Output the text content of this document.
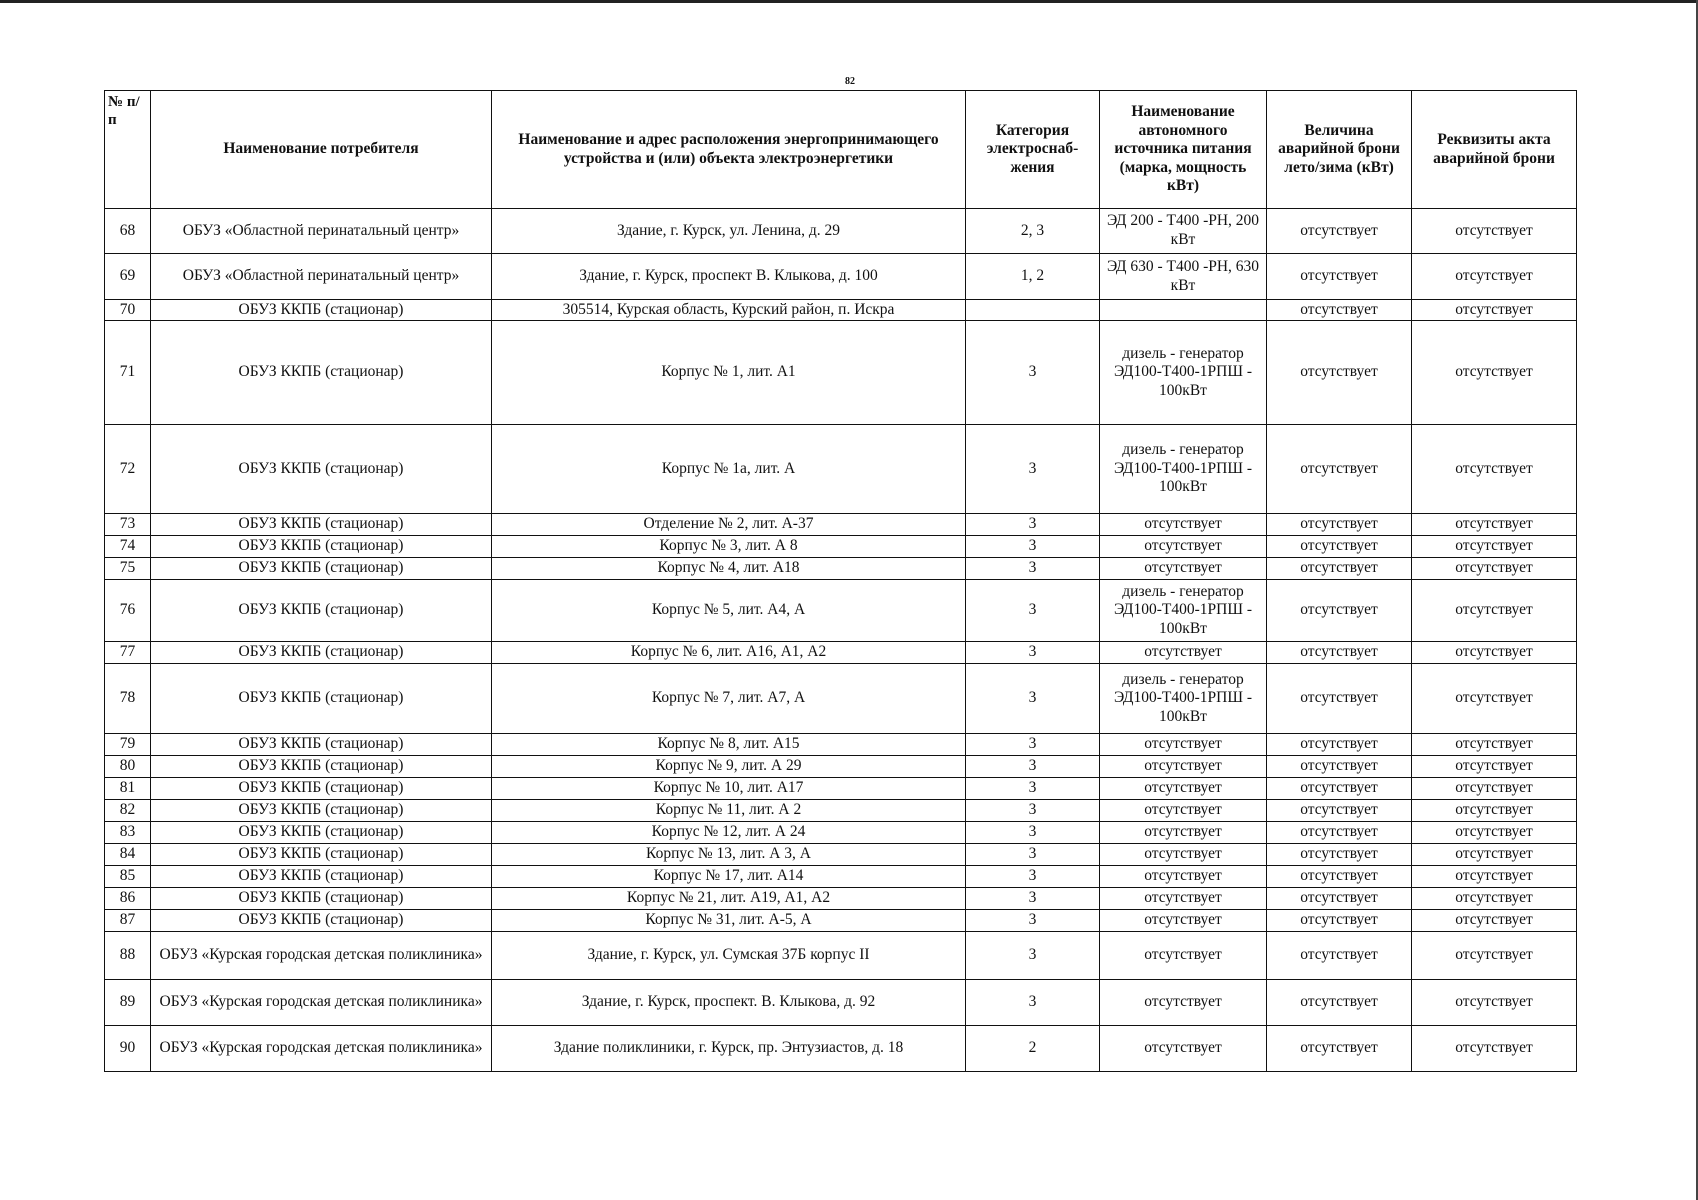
82
№ п/п	Наименование потребителя	Наименование и адрес расположения энергопринимающего устройства и (или) объекта электроэнергетики	Категория электроснаб-жения	Наименование автономного источника питания (марка, мощность кВт)	Величина аварийной брони лето/зима (кВт)	Реквизиты акта аварийной брони
68	ОБУЗ «Областной перинатальный центр»	Здание, г. Курск, ул. Ленина, д. 29	2, 3	ЭД 200 - Т400 -РН, 200 кВт	отсутствует	отсутствует
69	ОБУЗ «Областной перинатальный центр»	Здание, г. Курск, проспект В. Клыкова, д. 100	1, 2	ЭД 630 - Т400 -РН, 630 кВт	отсутствует	отсутствует
70	ОБУЗ ККПБ (стационар)	305514, Курская область, Курский район, п. Искра			отсутствует	отсутствует
71	ОБУЗ ККПБ (стационар)	Корпус № 1, лит. А1	3	дизель - генератор ЭД100-Т400-1РПШ - 100кВт	отсутствует	отсутствует
72	ОБУЗ ККПБ (стационар)	Корпус № 1а, лит. А	3	дизель - генератор ЭД100-Т400-1РПШ - 100кВт	отсутствует	отсутствует
73	ОБУЗ ККПБ (стационар)	Отделение № 2, лит. А-37	3	отсутствует	отсутствует	отсутствует
74	ОБУЗ ККПБ (стационар)	Корпус № 3, лит. А 8	3	отсутствует	отсутствует	отсутствует
75	ОБУЗ ККПБ (стационар)	Корпус № 4, лит. А18	3	отсутствует	отсутствует	отсутствует
76	ОБУЗ ККПБ (стационар)	Корпус № 5, лит. А4, А	3	дизель - генератор ЭД100-Т400-1РПШ - 100кВт	отсутствует	отсутствует
77	ОБУЗ ККПБ (стационар)	Корпус № 6, лит. А16, А1, А2	3	отсутствует	отсутствует	отсутствует
78	ОБУЗ ККПБ (стационар)	Корпус № 7, лит. А7, А	3	дизель - генератор ЭД100-Т400-1РПШ - 100кВт	отсутствует	отсутствует
79	ОБУЗ ККПБ (стационар)	Корпус № 8, лит. А15	3	отсутствует	отсутствует	отсутствует
80	ОБУЗ ККПБ (стационар)	Корпус № 9, лит. А 29	3	отсутствует	отсутствует	отсутствует
81	ОБУЗ ККПБ (стационар)	Корпус № 10, лит. А17	3	отсутствует	отсутствует	отсутствует
82	ОБУЗ ККПБ (стационар)	Корпус № 11, лит. А 2	3	отсутствует	отсутствует	отсутствует
83	ОБУЗ ККПБ (стационар)	Корпус № 12, лит. А 24	3	отсутствует	отсутствует	отсутствует
84	ОБУЗ ККПБ (стационар)	Корпус № 13, лит. А 3, А	3	отсутствует	отсутствует	отсутствует
85	ОБУЗ ККПБ (стационар)	Корпус № 17, лит. А14	3	отсутствует	отсутствует	отсутствует
86	ОБУЗ ККПБ (стационар)	Корпус № 21, лит. А19, А1, А2	3	отсутствует	отсутствует	отсутствует
87	ОБУЗ ККПБ (стационар)	Корпус № 31, лит. А-5, А	3	отсутствует	отсутствует	отсутствует
88	ОБУЗ «Курская городская детская поликлиника»	Здание, г. Курск, ул. Сумская 37Б корпус II	3	отсутствует	отсутствует	отсутствует
89	ОБУЗ «Курская городская детская поликлиника»	Здание, г. Курск, проспект. В. Клыкова, д. 92	3	отсутствует	отсутствует	отсутствует
90	ОБУЗ «Курская городская детская поликлиника»	Здание поликлиники, г. Курск, пр. Энтузиастов, д. 18	2	отсутствует	отсутствует	отсутствует
